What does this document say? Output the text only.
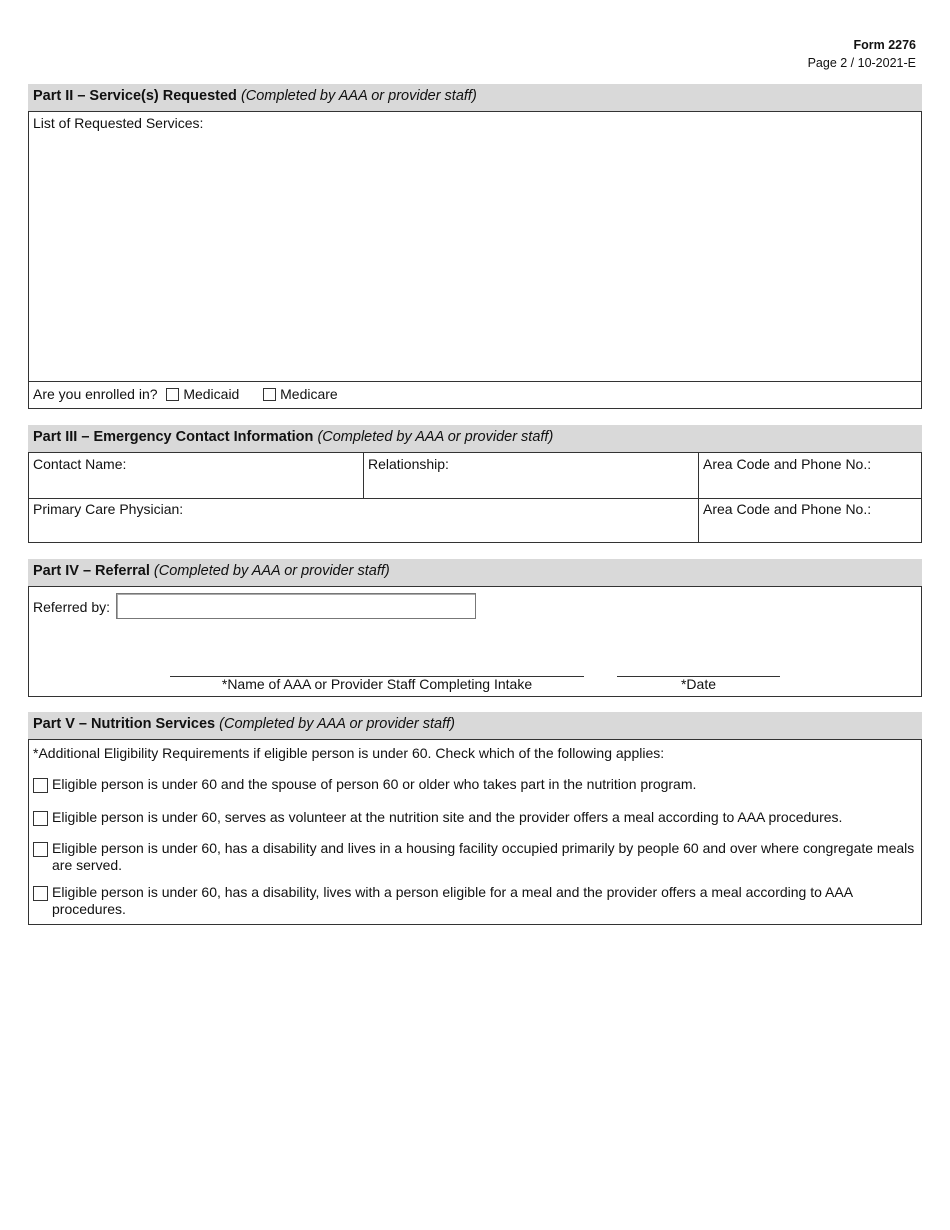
Form 2276
Page 2 / 10-2021-E
Part II – Service(s) Requested (Completed by AAA or provider staff)
List of Requested Services:
Are you enrolled in? Medicaid	Medicare
Part III – Emergency Contact Information (Completed by AAA or provider staff)
Contact Name:	Relationship:	Area Code and Phone No.:
Primary Care Physician:	Area Code and Phone No.:
Part IV – Referral (Completed by AAA or provider staff)
Referred by:
*Name of AAA or Provider Staff Completing Intake	*Date
Part V – Nutrition Services (Completed by AAA or provider staff)
*Additional Eligibility Requirements if eligible person is under 60. Check which of the following applies:
Eligible person is under 60 and the spouse of person 60 or older who takes part in the nutrition program.
Eligible person is under 60, serves as volunteer at the nutrition site and the provider offers a meal according to AAA procedures.
Eligible person is under 60, has a disability and lives in a housing facility occupied primarily by people 60 and over where congregate meals are served.
Eligible person is under 60, has a disability, lives with a person eligible for a meal and the provider offers a meal according to AAA procedures.
